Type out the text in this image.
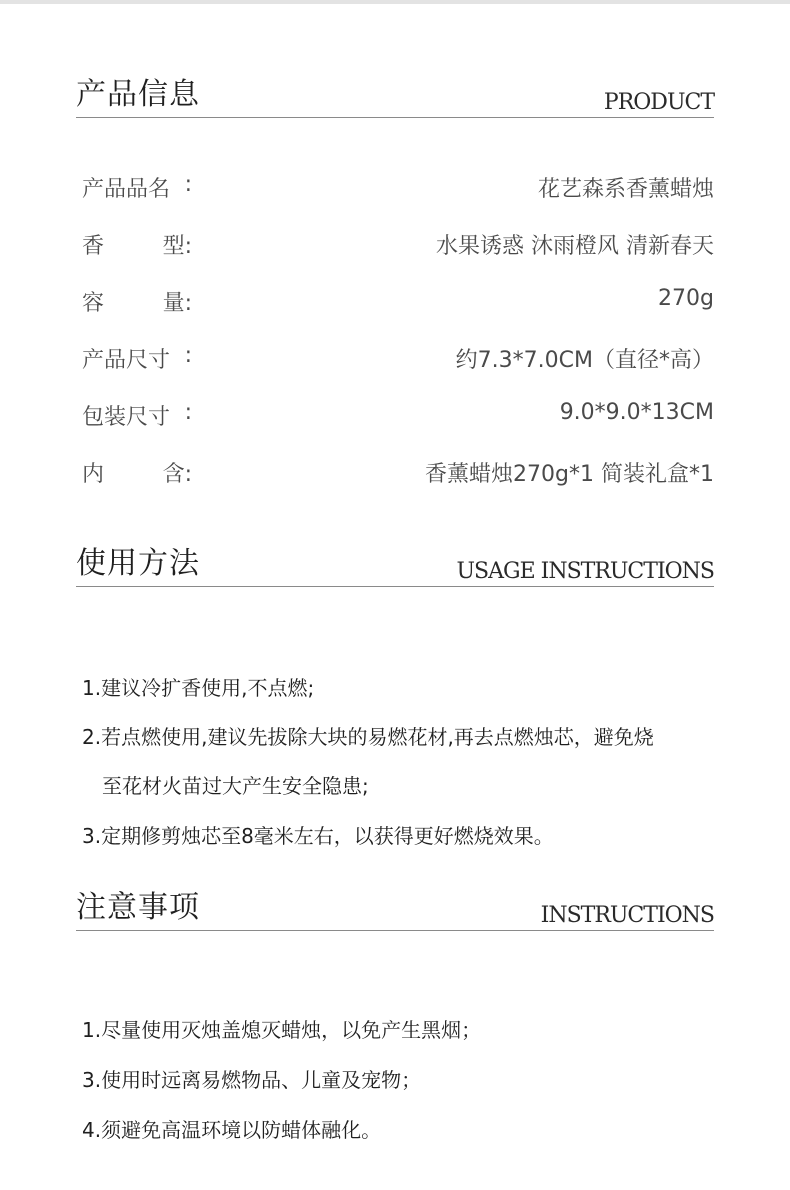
产品信息	PRODUCT
产品品名 :	花艺森系香薰蜡烛
香	型:	水果诱惑 沐雨橙风 清新春天
容	量:	270g
产品尺寸 :	约7.3*7.0CM（直径*高）
包装尺寸 :	9.0*9.0*13CM
内	含:	香薰蜡烛270g*1 简装礼盒*1
使用方法	USAGE INSTRUCTIONS
1.建议冷扩香使用,不点燃;
2.若点燃使用,建议先拔除大块的易燃花材,再去点燃烛芯，避免烧
至花材火苗过大产生安全隐患;
3.定期修剪烛芯至8毫米左右，以获得更好燃烧效果。
注意事项	INSTRUCTIONS
1.尽量使用灭烛盖熄灭蜡烛，以免产生黑烟；
3.使用时远离易燃物品、儿童及宠物；
4.须避免高温环境以防蜡体融化。
